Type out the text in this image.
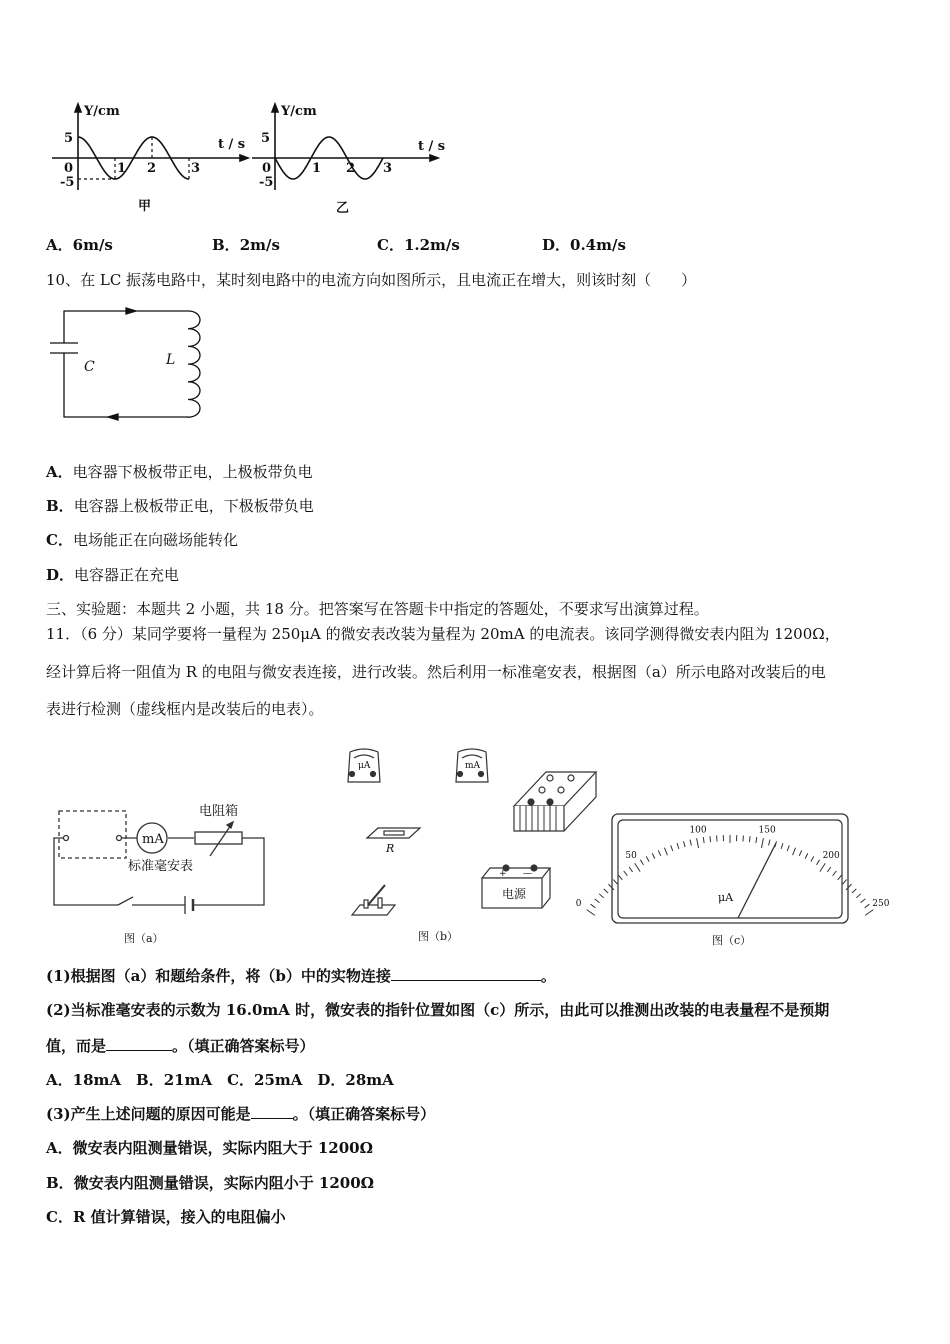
Y/cm
t / s
5
-5
0	1 2	3
甲
Y/cm
t / s
5
-5
0	1 2 3
乙
A．6m/s	B．2m/s	C．1.2m/s	D．0.4m/s
10、在 LC 振荡电路中，某时刻电路中的电流方向如图所示，且电流正在增大，则该时刻（　　）
C	L
A．电容器下极板带正电，上极板带负电
B．电容器上极板带正电，下极板带负电
C．电场能正在向磁场能转化
D．电容器正在充电
三、实验题：本题共 2 小题，共 18 分。把答案写在答题卡中指定的答题处，不要求写出演算过程。
11．（6 分）某同学要将一量程为 250μA 的微安表改装为量程为 20mA 的电流表。该同学测得微安表内阻为 1200Ω，
经计算后将一阻值为 R 的电阻与微安表连接，进行改装。然后利用一标准毫安表，根据图（a）所示电路对改装后的电
表进行检测（虚线框内是改装后的电表）。
mA
电阻箱
标准毫安表
图（a）
μA	mA
R
+ —
电源
图（b）
0
50
100	150
200
250
μA
图（c）
(1)根据图（a）和题给条件，将（b）中的实物连接	。
(2)当标准毫安表的示数为 16.0mA 时，微安表的指针位置如图（c）所示，由此可以推测出改装的电表量程不是预期
值，而是	。（填正确答案标号）
A．18mA　B．21mA　C．25mA　D．28mA
(3)产生上述问题的原因可能是	。（填正确答案标号）
A．微安表内阻测量错误，实际内阻大于 1200Ω
B．微安表内阻测量错误，实际内阻小于 1200Ω
C．R 值计算错误，接入的电阻偏小
